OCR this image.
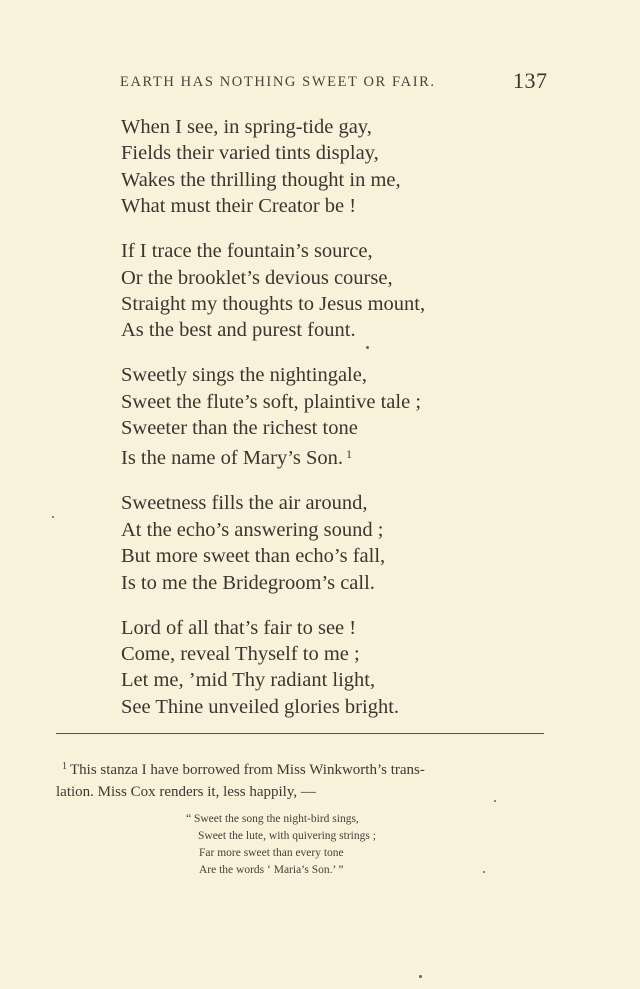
EARTH HAS NOTHING SWEET OR FAIR.	137
When I see, in spring-tide gay,
Fields their varied tints display,
Wakes the thrilling thought in me,
What must their Creator be !
If I trace the fountain’s source,
Or the brooklet’s devious course,
Straight my thoughts to Jesus mount,
As the best and purest fount.
Sweetly sings the nightingale,
Sweet the flute’s soft, plaintive tale ;
Sweeter than the richest tone
Is the name of Mary’s Son. $^1$
Sweetness fills the air around,
At the echo’s answering sound ;
But more sweet than echo’s fall,
Is to me the Bridegroom’s call.
Lord of all that’s fair to see !
Come, reveal Thyself to me ;
Let me, ’mid Thy radiant light,
See Thine unveiled glories bright.
$^1$ This stanza I have borrowed from Miss Winkworth’s trans-
lation. Miss Cox renders it, less happily, —
“ Sweet the song the night-bird sings,
Sweet the lute, with quivering strings ;
Far more sweet than every tone
Are the words ‘ Maria’s Son.’ ”
